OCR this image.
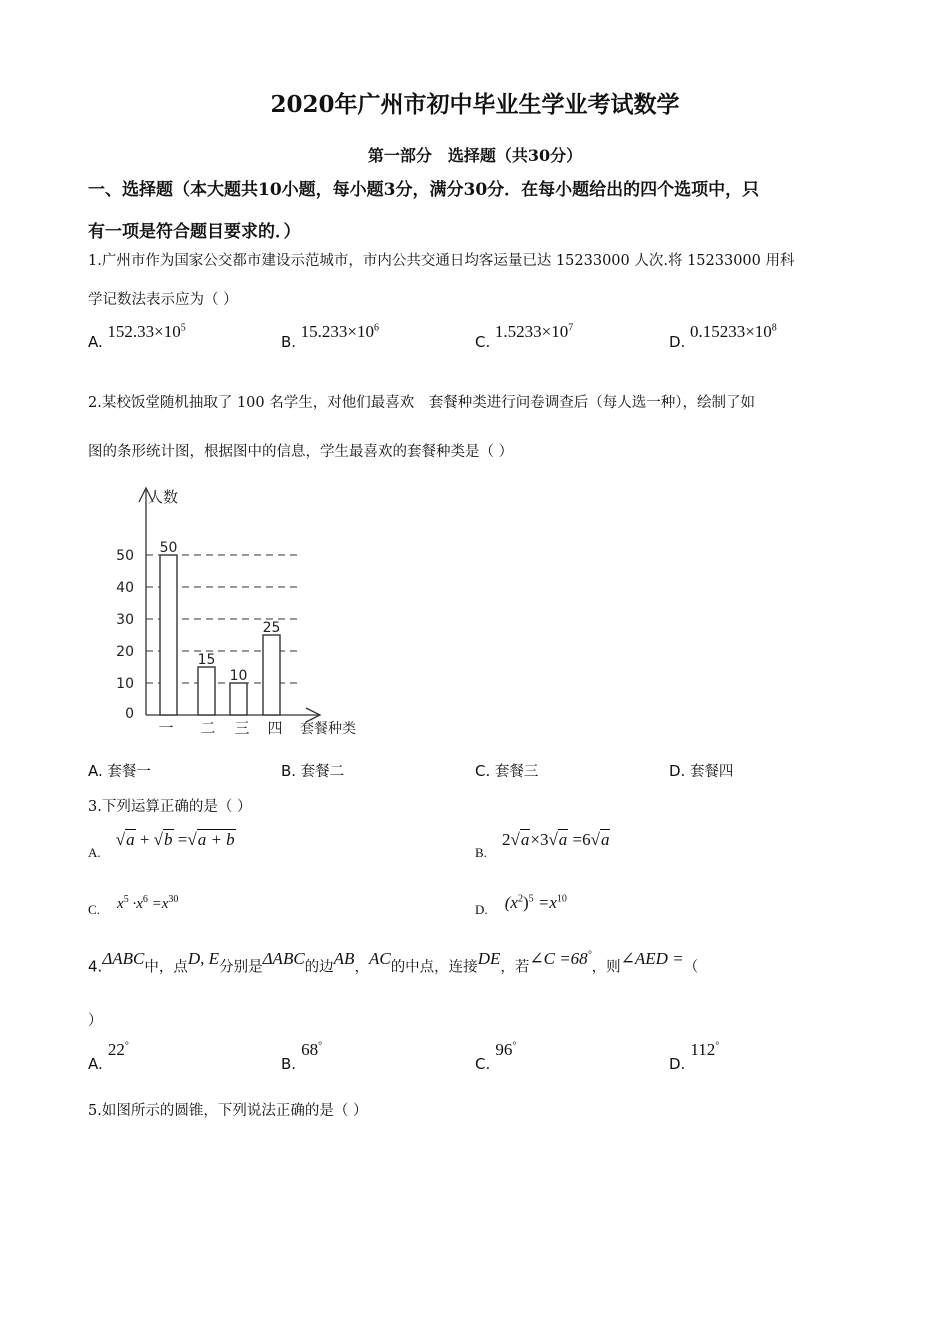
2020年广州市初中毕业生学业考试数学
第一部分　选择题（共30分）
一、选择题（本大题共10小题，每小题3分，满分30分．在每小题给出的四个选项中，只
有一项是符合题目要求的．）
1.广州市作为国家公交都市建设示范城市，市内公共交通日均客运量已达 15233000 人次.将 15233000 用科
学记数法表示应为（ ）
A. $152.33\times 10^5$
B. $15.233\times 10^6$
C. $1.5233\times 10^7$
D. $0.15233\times 10^8$
2.某校饭堂随机抽取了 100 名学生，对他们最喜欢　套餐种类进行问卷调查后（每人选一种），绘制了如
图的条形统计图，根据图中的信息，学生最喜欢的套餐种类是（ ）
0
10
20
30
40
50
人数
50
一
15
二
10
三
25
四 套餐种类
A. 套餐一	B. 套餐二	C. 套餐三	D. 套餐四
3.下列运算正确的是（ ）
$_{A.}$ √a + √b =√a + b
$_{B.}$ 2√a×3√a =6√a
$_{C.}$ $x^5 \cdot x^6 =x^{30}$
$_{D.}$ $(x^2)^5 =x^{10}$
4.ΔABC中，点D, E分别是ΔABC的边AB，AC的中点，连接DE，若∠C =68°，则∠AED =（
）
A. 22°
B. 68°
C. 96°
D. 112°
5.如图所示的圆锥，下列说法正确的是（ ）
